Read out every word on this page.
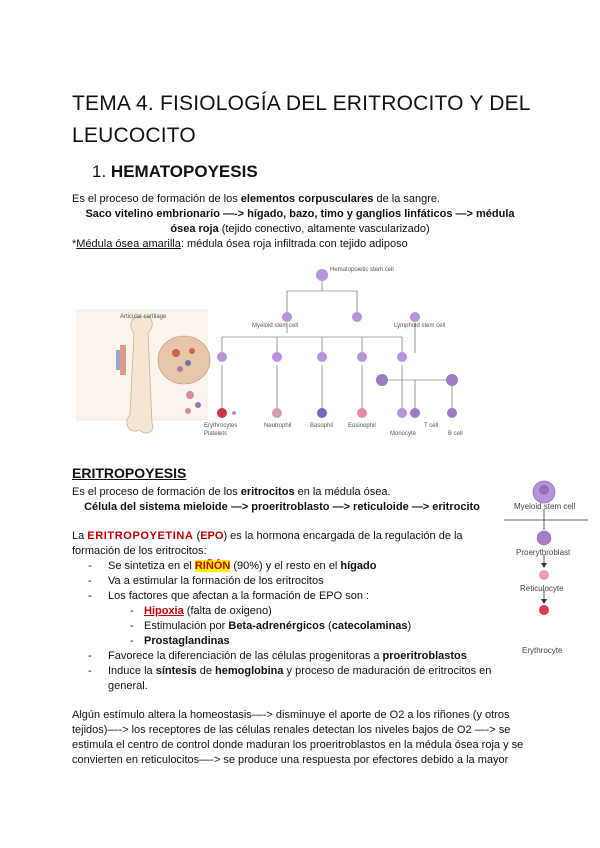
TEMA 4. FISIOLOGÍA DEL ERITROCITO Y DEL LEUCOCITO
1. HEMATOPOYESIS
Es el proceso de formación de los elementos corpusculares de la sangre.
Saco vitelino embrionario —-> hígado, bazo, timo y ganglios linfáticos —> médula
ósea roja (tejido conectivo, altamente vascularizado)
*Médula ósea amarilla: médula ósea roja infiltrada con tejido adiposo
Articular cartilage
Hematopoietic stem cell
Myeloid stem cell	Lymphoid stem cell
Erythrocytes
Platelets
Neutrophil	Basophil Eosinophil
Monocyte
T cell
B cell
ERITROPOYESIS
Es el proceso de formación de los eritrocitos en la médula ósea.
Célula del sistema mieloide —> proeritroblasto —> reticuloide —> eritrocito
La ERITROPOYETINA (EPO) es la hormona encargada de la regulación de la
formación de los eritrocitos:
- Se sintetiza en el RIÑÓN (90%) y el resto en el hígado
- Va a estimular la formación de los eritrocitos
- Los factores que afectan a la formación de EPO son :
- Hipoxia (falta de oxigeno)
- Estimulación por Beta-adrenérgicos (catecolaminas)
- Prostaglandinas
- Favorece la diferenciación de las células progenitoras a proeritroblastos
- Induce la síntesis de hemoglobina y proceso de maduración de eritrocitos en
general.
Algún estímulo altera la homeostasis—-> disminuye el aporte de O2 a los riñones (y otros
tejidos)—-> los receptores de las células renales detectan los niveles bajos de O2 —-> se
estimula el centro de control donde maduran los proeritroblastos en la médula ósea roja y se
convierten en reticulocitos—-> se produce una respuesta por efectores debido a la mayor
Myeloid stem cell
Proerythroblast
Reticulocyte
Erythrocyte
